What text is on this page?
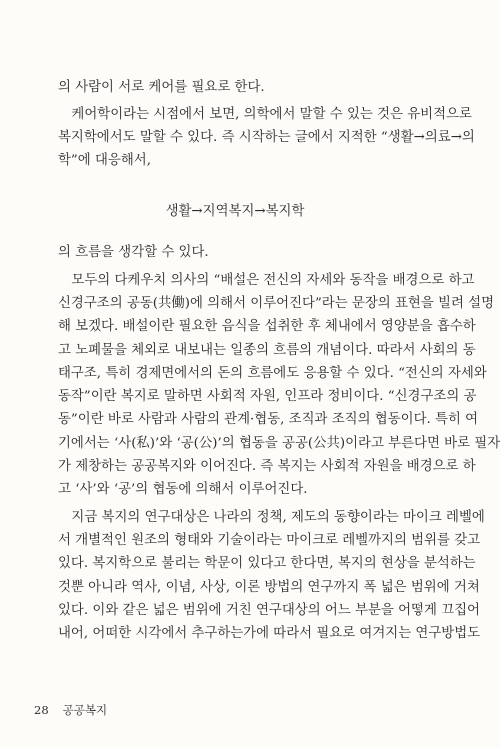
의 사람이 서로 케어를 필요로 한다.
　케어학이라는 시점에서 보면, 의학에서 말할 수 있는 것은 유비적으로
복지학에서도 말할 수 있다. 즉 시작하는 글에서 지적한 “생활→의료→의
학”에 대응해서,
생활→지역복지→복지학
의 흐름을 생각할 수 있다.
　모두의 다케우치 의사의 “배설은 전신의 자세와 동작을 배경으로 하고
신경구조의 공동(共働)에 의해서 이루어진다”라는 문장의 표현을 빌려 설명
해 보겠다. 배설이란 필요한 음식을 섭취한 후 체내에서 영양분을 흡수하
고 노폐물을 체외로 내보내는 일종의 흐름의 개념이다. 따라서 사회의 동
태구조, 특히 경제면에서의 돈의 흐름에도 응용할 수 있다. “전신의 자세와
동작”이란 복지로 말하면 사회적 자원, 인프라 정비이다. “신경구조의 공
동”이란 바로 사람과 사람의 관계·협동, 조직과 조직의 협동이다. 특히 여
기에서는 ‘사(私)’와 ‘공(公)’의 협동을 공공(公共)이라고 부른다면 바로 필자
가 제창하는 공공복지와 이어진다. 즉 복지는 사회적 자원을 배경으로 하
고 ‘사’와 ‘공’의 협동에 의해서 이루어진다.
　지금 복지의 연구대상은 나라의 정책, 제도의 동향이라는 마이크 레벨에
서 개별적인 원조의 형태와 기술이라는 마이크로 레벨까지의 범위를 갖고
있다. 복지학으로 불리는 학문이 있다고 한다면, 복지의 현상을 분석하는
것뿐 아니라 역사, 이념, 사상, 이론 방법의 연구까지 폭 넓은 범위에 거쳐
있다. 이와 같은 넓은 범위에 거친 연구대상의 어느 부분을 어떻게 끄집어
내어, 어떠한 시각에서 추구하는가에 따라서 필요로 여겨지는 연구방법도
28 공공복지
